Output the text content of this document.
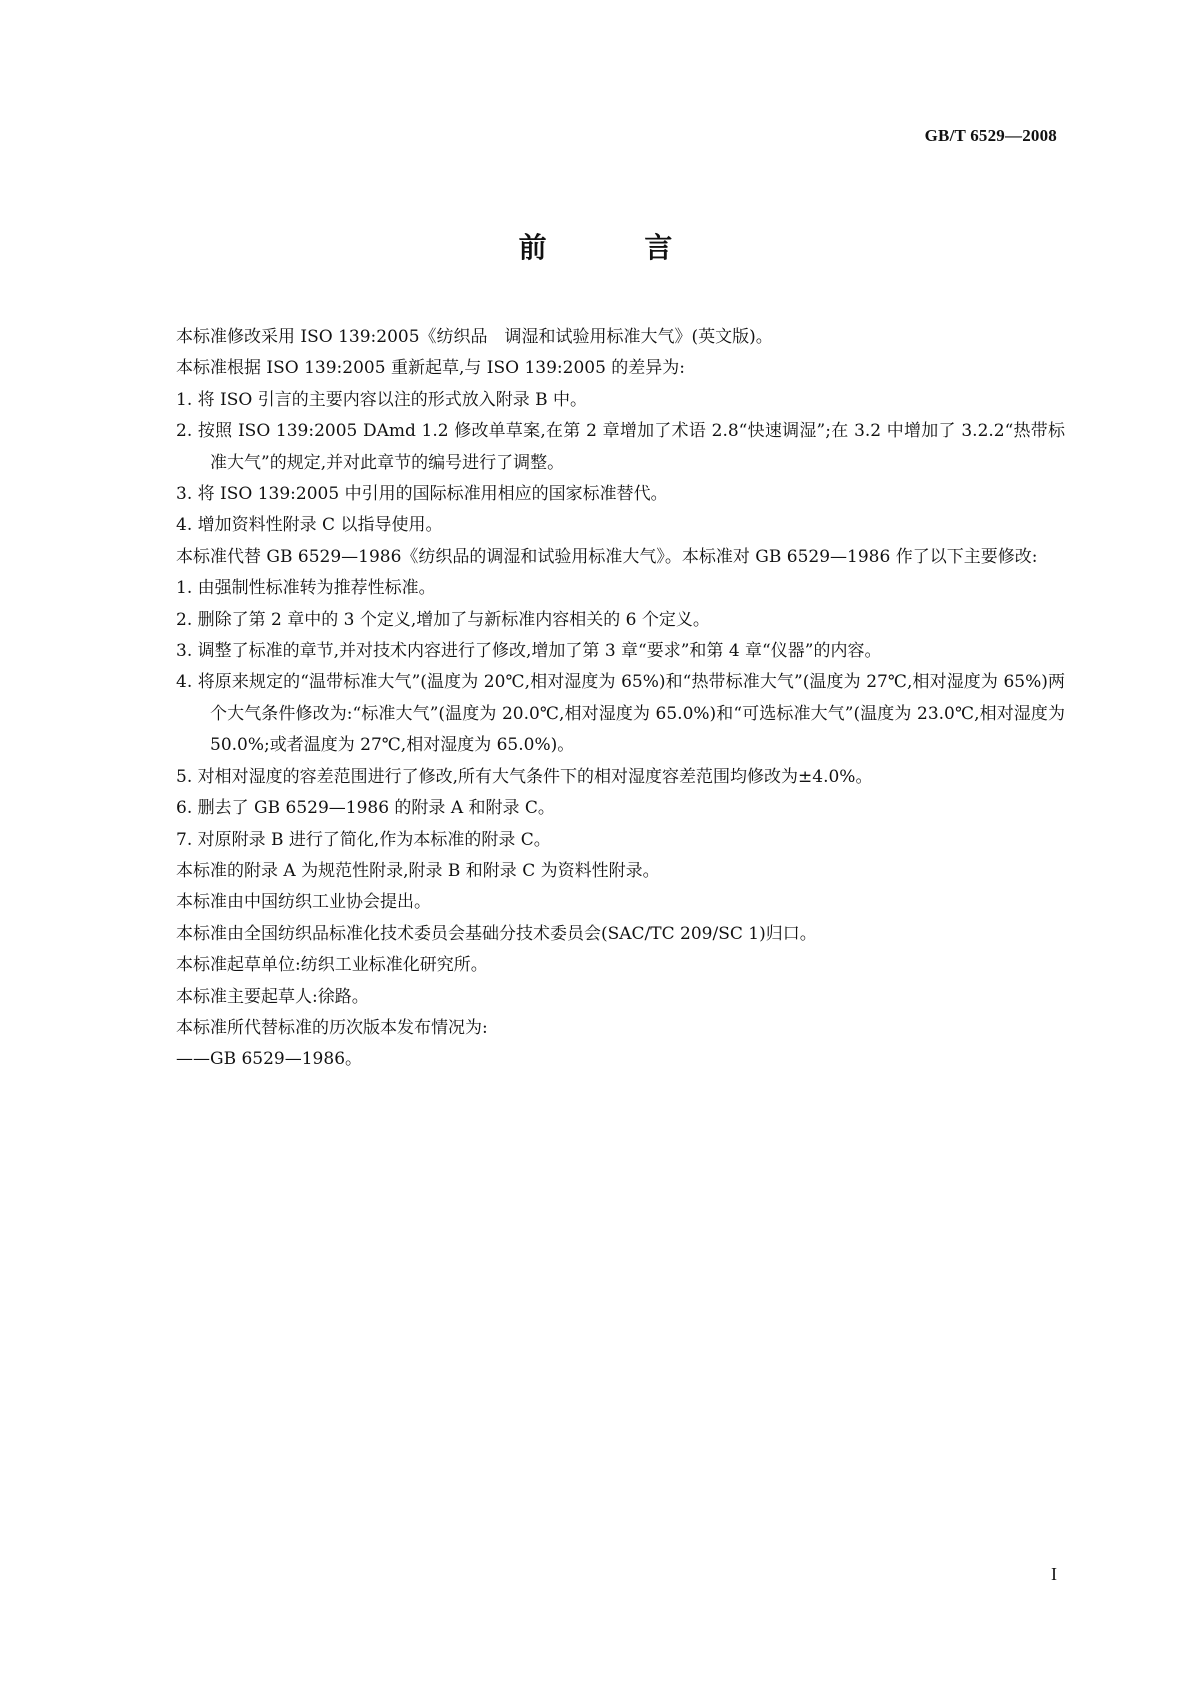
GB/T 6529—2008
前 言

本标准修改采用 ISO 139:2005《纺织品　调湿和试验用标准大气》(英文版)。

本标准根据 ISO 139:2005 重新起草,与 ISO 139:2005 的差异为:

1. 将 ISO 引言的主要内容以注的形式放入附录 B 中。

2. 按照 ISO 139:2005 DAmd 1.2 修改单草案,在第 2 章增加了术语 2.8“快速调湿”;在 3.2 中增加了 3.2.2“热带标准大气”的规定,并对此章节的编号进行了调整。

3. 将 ISO 139:2005 中引用的国际标准用相应的国家标准替代。

4. 增加资料性附录 C 以指导使用。

本标准代替 GB 6529—1986《纺织品的调湿和试验用标准大气》。本标准对 GB 6529—1986 作了以下主要修改:

1. 由强制性标准转为推荐性标准。

2. 删除了第 2 章中的 3 个定义,增加了与新标准内容相关的 6 个定义。

3. 调整了标准的章节,并对技术内容进行了修改,增加了第 3 章“要求”和第 4 章“仪器”的内容。

4. 将原来规定的“温带标准大气”(温度为 20℃,相对湿度为 65%)和“热带标准大气”(温度为 27℃,相对湿度为 65%)两个大气条件修改为:“标准大气”(温度为 20.0℃,相对湿度为 65.0%)和“可选标准大气”(温度为 23.0℃,相对湿度为 50.0%;或者温度为 27℃,相对湿度为 65.0%)。

5. 对相对湿度的容差范围进行了修改,所有大气条件下的相对湿度容差范围均修改为±4.0%。

6. 删去了 GB 6529—1986 的附录 A 和附录 C。

7. 对原附录 B 进行了简化,作为本标准的附录 C。

本标准的附录 A 为规范性附录,附录 B 和附录 C 为资料性附录。

本标准由中国纺织工业协会提出。

本标准由全国纺织品标准化技术委员会基础分技术委员会(SAC/TC 209/SC 1)归口。

本标准起草单位:纺织工业标准化研究所。

本标准主要起草人:徐路。

本标准所代替标准的历次版本发布情况为:

——GB 6529—1986。

I
